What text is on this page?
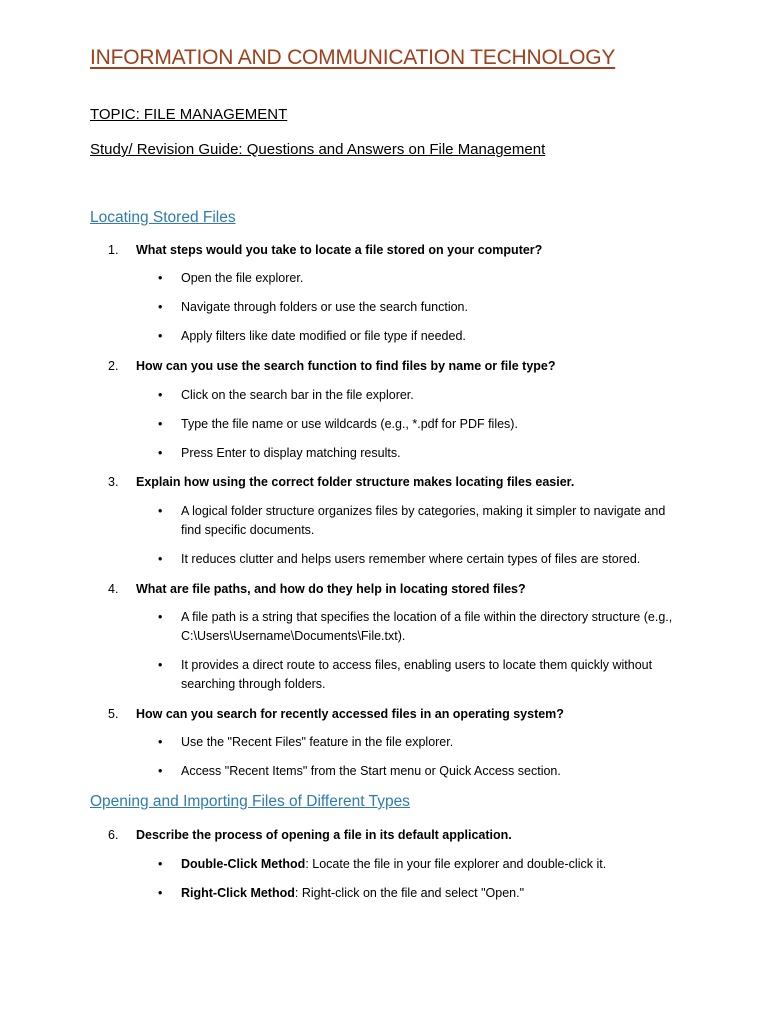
INFORMATION AND COMMUNICATION TECHNOLOGY
TOPIC: FILE MANAGEMENT
Study/ Revision Guide: Questions and Answers on File Management
Locating Stored Files
1. What steps would you take to locate a file stored on your computer?
•	Open the file explorer.
•	Navigate through folders or use the search function.
•	Apply filters like date modified or file type if needed.
2. How can you use the search function to find files by name or file type?
•	Click on the search bar in the file explorer.
•	Type the file name or use wildcards (e.g., *.pdf for PDF files).
•	Press Enter to display matching results.
3. Explain how using the correct folder structure makes locating files easier.
•	A logical folder structure organizes files by categories, making it simpler to navigate and find specific documents.
•	It reduces clutter and helps users remember where certain types of files are stored.
4. What are file paths, and how do they help in locating stored files?
•	A file path is a string that specifies the location of a file within the directory structure (e.g., C:\Users\Username\Documents\File.txt).
•	It provides a direct route to access files, enabling users to locate them quickly without searching through folders.
5. How can you search for recently accessed files in an operating system?
•	Use the "Recent Files" feature in the file explorer.
•	Access "Recent Items" from the Start menu or Quick Access section.
Opening and Importing Files of Different Types
6. Describe the process of opening a file in its default application.
•	Double-Click Method: Locate the file in your file explorer and double-click it.
•	Right-Click Method: Right-click on the file and select "Open."
